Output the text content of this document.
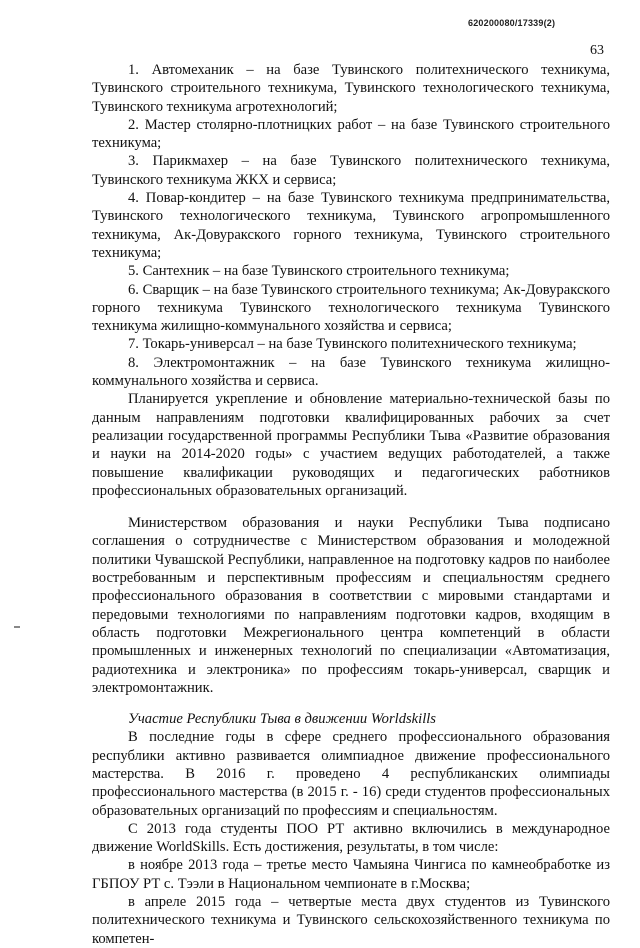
620200080/17339(2)
63

1. Автомеханик – на базе Тувинского политехнического техникума, Тувинского строительного техникума, Тувинского технологического техникума, Тувинского техникума агротехнологий;

2. Мастер столярно-плотницких работ – на базе Тувинского строительного техникума;

3. Парикмахер – на базе Тувинского политехнического техникума, Тувинского техникума ЖКХ и сервиса;

4. Повар-кондитер – на базе Тувинского техникума предпринимательства, Тувинского технологического техникума, Тувинского агропромышленного техникума, Ак-Довуракского горного техникума, Тувинского строительного техникума;

5. Сантехник – на базе Тувинского строительного техникума;

6. Сварщик – на базе Тувинского строительного техникума; Ак-Довуракского горного техникума Тувинского технологического техникума Тувинского техникума жилищно-коммунального хозяйства и сервиса;

7. Токарь-универсал – на базе Тувинского политехнического техникума;

8. Электромонтажник – на базе Тувинского техникума жилищно-коммунального хозяйства и сервиса.

Планируется укрепление и обновление материально-технической базы по данным направлениям подготовки квалифицированных рабочих за счет реализации государственной программы Республики Тыва «Развитие образования и науки на 2014-2020 годы» с участием ведущих работодателей, а также повышение квалификации руководящих и педагогических работников профессиональных образовательных организаций.

Министерством образования и науки Республики Тыва подписано соглашения о сотрудничестве с Министерством образования и молодежной политики Чувашской Республики, направленное на подготовку кадров по наиболее востребованным и перспективным профессиям и специальностям среднего профессионального образования в соответствии с мировыми стандартами и передовыми технологиями по направлениям подготовки кадров, входящим в область подготовки Межрегионального центра компетенций в области промышленных и инженерных технологий по специализации «Автоматизация, радиотехника и электроника» по профессиям токарь-универсал, сварщик и электромонтажник.

Участие Республики Тыва в движении Worldskills

В последние годы в сфере среднего профессионального образования республики активно развивается олимпиадное движение профессионального мастерства. В 2016 г. проведено 4 республиканских олимпиады профессионального мастерства (в 2015 г. - 16) среди студентов профессиональных образовательных организаций по профессиям и специальностям.

С 2013 года студенты ПОО РТ активно включились в международное движение WorldSkills. Есть достижения, результаты, в том числе:

в ноябре 2013 года – третье место Чамыяна Чингиса по камнеобработке из ГБПОУ РТ с. Тээли в Национальном чемпионате в г.Москва;

в апреле 2015 года – четвертые места двух студентов из Тувинского политехнического техникума и Тувинского сельскохозяйственного техникума по компетен-
